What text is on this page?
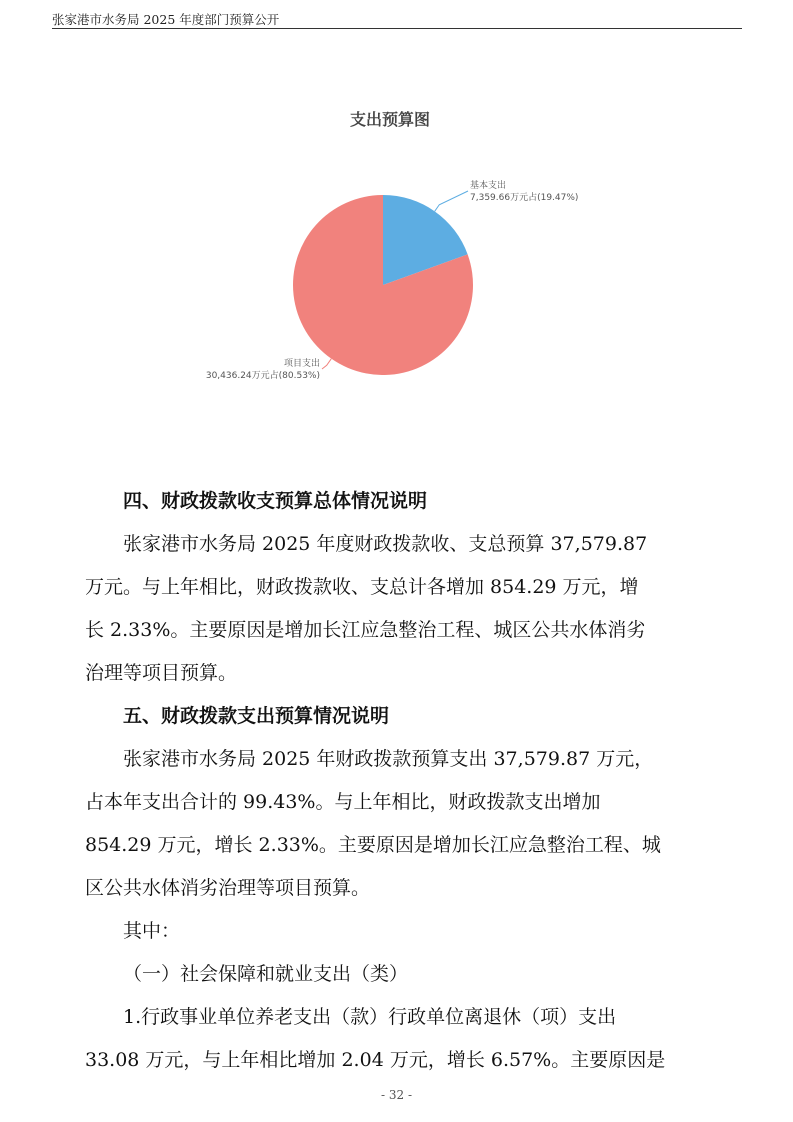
张家港市水务局 2025 年度部门预算公开
基本支出
7,359.66万元占(19.47%)
项目支出
30,436.24万元占(80.53%)
支出预算图
四、财政拨款收支预算总体情况说明
张家港市水务局 2025 年度财政拨款收、支总预算 37,579.87
万元。与上年相比，财政拨款收、支总计各增加 854.29 万元，增
长 2.33%。主要原因是增加长江应急整治工程、城区公共水体消劣
治理等项目预算。
五、财政拨款支出预算情况说明
张家港市水务局 2025 年财政拨款预算支出 37,579.87 万元，
占本年支出合计的 99.43%。与上年相比，财政拨款支出增加
854.29 万元，增长 2.33%。主要原因是增加长江应急整治工程、城
区公共水体消劣治理等项目预算。
其中：
（一）社会保障和就业支出（类）
1.行政事业单位养老支出（款）行政单位离退休（项）支出
33.08 万元，与上年相比增加 2.04 万元，增长 6.57%。主要原因是
- 32 -
